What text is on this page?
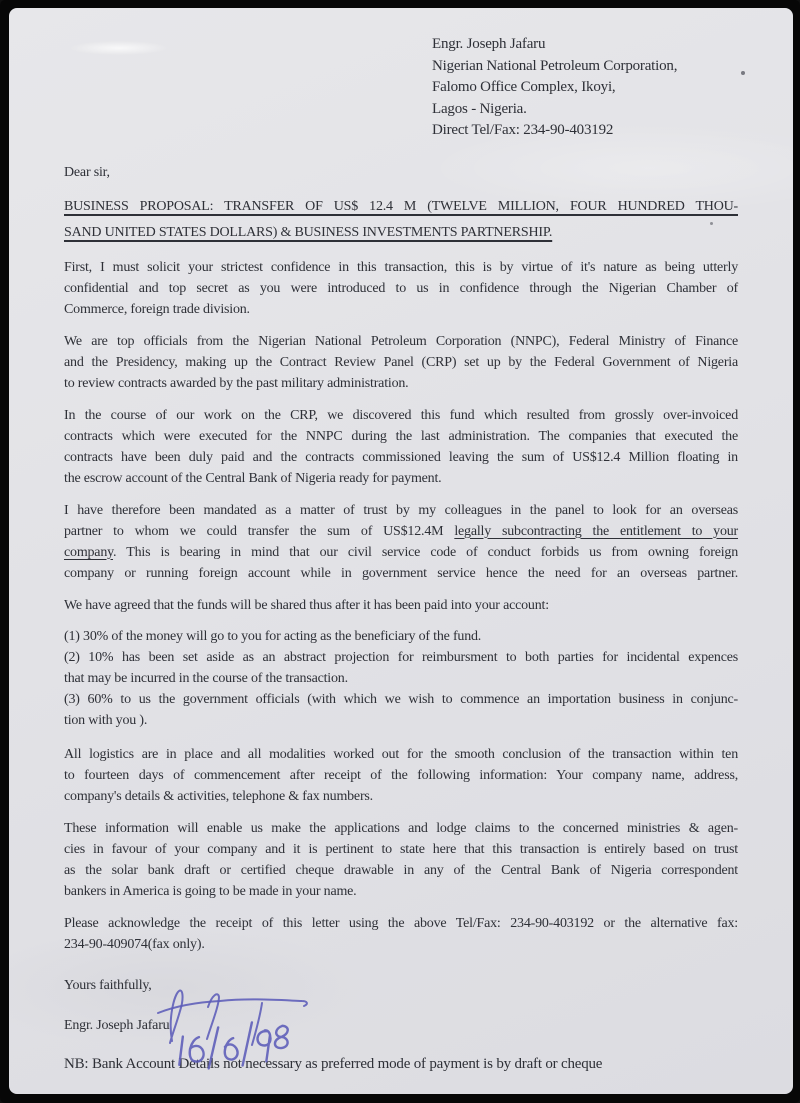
Engr. Joseph Jafaru
Nigerian National Petroleum Corporation,
Falomo Office Complex, Ikoyi,
Lagos - Nigeria.
Direct Tel/Fax: 234-90-403192
Dear sir,
BUSINESS PROPOSAL: TRANSFER OF US$ 12.4 M (TWELVE MILLION, FOUR HUNDRED THOU-
SAND UNITED STATES DOLLARS) & BUSINESS INVESTMENTS PARTNERSHIP.
First, I must solicit your strictest confidence in this transaction, this is by virtue of it's nature as being utterly
confidential and top secret as you were introduced to us in confidence through the Nigerian Chamber of
Commerce, foreign trade division.
We are top officials from the Nigerian National Petroleum Corporation (NNPC), Federal Ministry of Finance
and the Presidency, making up the Contract Review Panel (CRP) set up by the Federal Government of Nigeria
to review contracts awarded by the past military administration.
In the course of our work on the CRP, we discovered this fund which resulted from grossly over-invoiced
contracts which were executed for the NNPC during the last administration. The companies that executed the
contracts have been duly paid and the contracts commissioned leaving the sum of US$12.4 Million floating in
the escrow account of the Central Bank of Nigeria ready for payment.
I have therefore been mandated as a matter of trust by my colleagues in the panel to look for an overseas
partner to whom we could transfer the sum of US$12.4M legally subcontracting the entitlement to your
company. This is bearing in mind that our civil service code of conduct forbids us from owning foreign
company or running foreign account while in government service hence the need for an overseas partner.
We have agreed that the funds will be shared thus after it has been paid into your account:
(1) 30% of the money will go to you for acting as the beneficiary of the fund.
(2) 10% has been set aside as an abstract projection for reimbursment to both parties for incidental expences
that may be incurred in the course of the transaction.
(3) 60% to us the government officials (with which we wish to commence an importation business in conjunc-
tion with you ).
All logistics are in place and all modalities worked out for the smooth conclusion of the transaction within ten
to fourteen days of commencement after receipt of the following information: Your company name, address,
company's details & activities, telephone & fax numbers.
These information will enable us make the applications and lodge claims to the concerned ministries & agen-
cies in favour of your company and it is pertinent to state here that this transaction is entirely based on trust
as the solar bank draft or certified cheque drawable in any of the Central Bank of Nigeria correspondent
bankers in America is going to be made in your name.
Please acknowledge the receipt of this letter using the above Tel/Fax: 234-90-403192 or the alternative fax:
234-90-409074(fax only).
Yours faithfully,
Engr. Joseph Jafaru
NB: Bank Account Details not necessary as preferred mode of payment is by draft or cheque
